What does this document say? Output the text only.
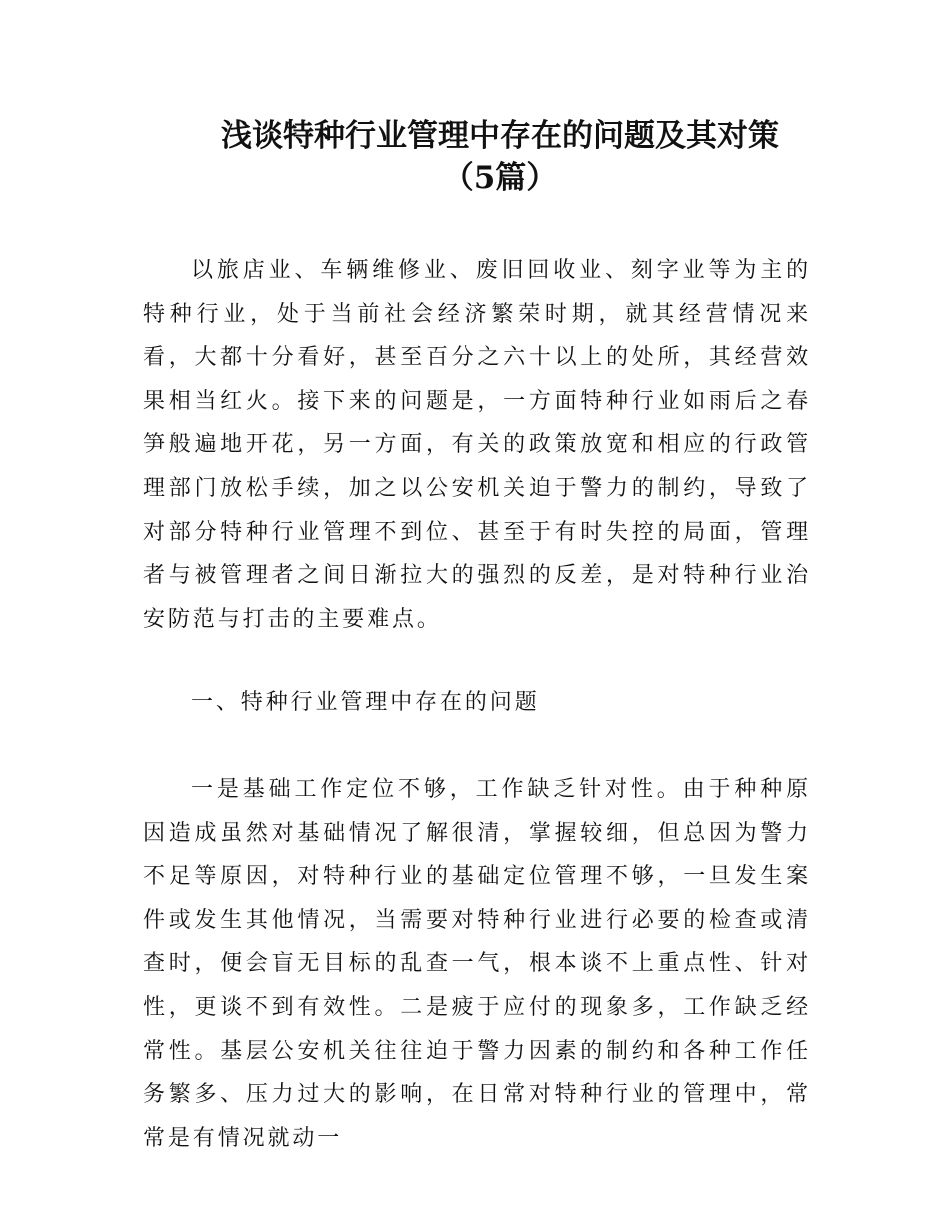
浅谈特种行业管理中存在的问题及其对策
（5篇）

以旅店业、车辆维修业、废旧回收业、刻字业等为主的特种行业，处于当前社会经济繁荣时期，就其经营情况来看，大都十分看好，甚至百分之六十以上的处所，其经营效果相当红火。接下来的问题是，一方面特种行业如雨后之春笋般遍地开花，另一方面，有关的政策放宽和相应的行政管理部门放松手续，加之以公安机关迫于警力的制约，导致了对部分特种行业管理不到位、甚至于有时失控的局面，管理者与被管理者之间日渐拉大的强烈的反差，是对特种行业治安防范与打击的主要难点。

一、特种行业管理中存在的问题

一是基础工作定位不够，工作缺乏针对性。由于种种原因造成虽然对基础情况了解很清，掌握较细，但总因为警力不足等原因，对特种行业的基础定位管理不够，一旦发生案件或发生其他情况，当需要对特种行业进行必要的检查或清查时，便会盲无目标的乱查一气，根本谈不上重点性、针对性，更谈不到有效性。二是疲于应付的现象多，工作缺乏经常性。基层公安机关往往迫于警力因素的制约和各种工作任务繁多、压力过大的影响，在日常对特种行业的管理中，常常是有情况就动一
